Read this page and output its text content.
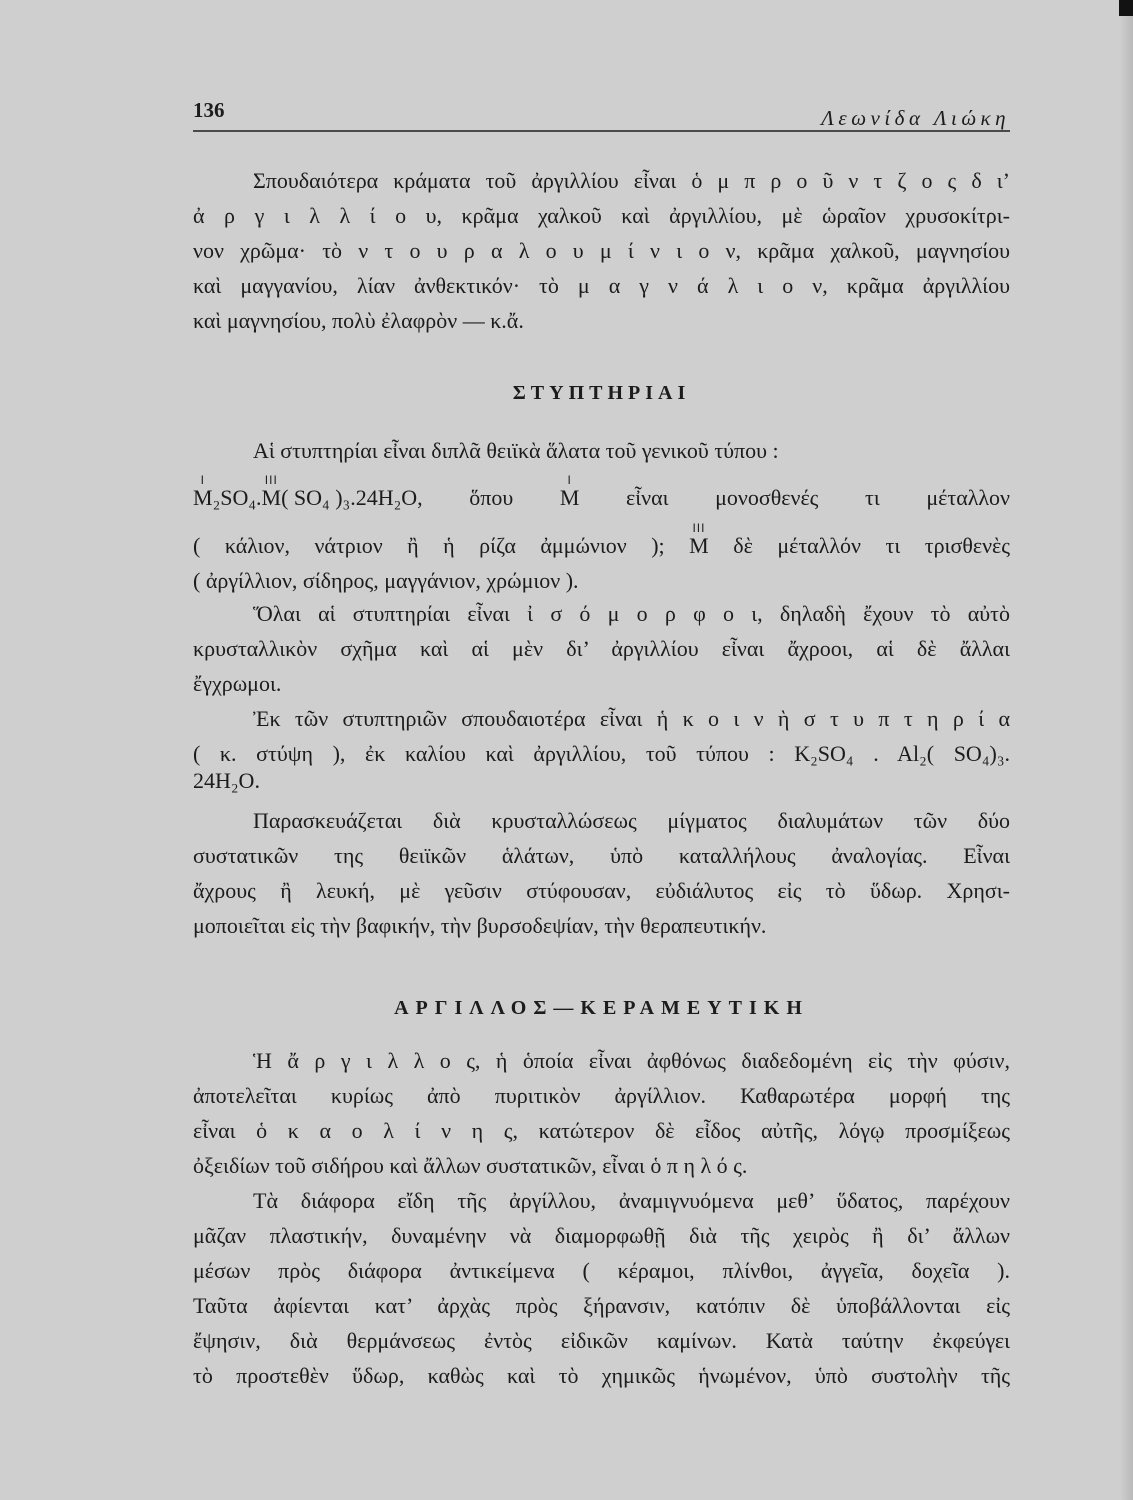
136	Λεωνίδα Λιώκη
Σπουδαιότερα κράματα τοῦ ἀργιλλίου εἶναι ὁ μ π ρ ο ῦ ν τ ζ ο ς δ ι’
ἀ ρ γ ι λ λ ί ο υ, κρᾶμα χαλκοῦ καὶ ἀργιλλίου, μὲ ὡραῖον χρυσοκίτρι-
νον χρῶμα· τὸ ν τ ο υ ρ α λ ο υ μ ί ν ι ο ν, κρᾶμα χαλκοῦ, μαγνησίου
καὶ μαγγανίου, λίαν ἀνθεκτικόν· τὸ μ α γ ν ά λ ι ο ν, κρᾶμα ἀργιλλίου
καὶ μαγνησίου, πολὺ ἐλαφρὸν — κ.ἄ.
ΣΤΥΠΤΗΡΙΑΙ
Αἱ στυπτηρίαι εἶναι διπλᾶ θειϊκὰ ἅλατα τοῦ γενικοῦ τύπου :
I
M₂SO₄.
III
M( SO₄ )₃.24H₂O, ὅπου
I
M εἶναι μονοσθενές τι μέταλλον
( κάλιον, νάτριον ἢ ἡ ρίζα ἀμμώνιον );
III
M δὲ μέταλλόν τι τρισθενὲς
( ἀργίλλιον, σίδηρος, μαγγάνιον, χρώμιον ).
Ὅλαι αἱ στυπτηρίαι εἶναι ἰ σ ό μ ο ρ φ ο ι, δηλαδὴ ἔχουν τὸ αὐτὸ
κρυσταλλικὸν σχῆμα καὶ αἱ μὲν δι’ ἀργιλλίου εἶναι ἄχροοι, αἱ δὲ ἄλλαι
ἔγχρωμοι.
Ἐκ τῶν στυπτηριῶν σπουδαιοτέρα εἶναι ἡ κ ο ι ν ὴ σ τ υ π τ η ρ ί α
( κ. στύψη ), ἐκ καλίου καὶ ἀργιλλίου, τοῦ τύπου : K₂SO₄ . Al₂( SO₄)₃.
24H₂O.
Παρασκευάζεται διὰ κρυσταλλώσεως μίγματος διαλυμάτων τῶν δύο
συστατικῶν της θειϊκῶν ἁλάτων, ὑπὸ καταλλήλους ἀναλογίας. Εἶναι
ἄχρους ἢ λευκή, μὲ γεῦσιν στύφουσαν, εὐδιάλυτος εἰς τὸ ὕδωρ. Χρησι-
μοποιεῖται εἰς τὴν βαφικήν, τὴν βυρσοδεψίαν, τὴν θεραπευτικήν.
ΑΡΓΙΛΛΟΣ—ΚΕΡΑΜΕΥΤΙΚΗ
Ἡ ἄ ρ γ ι λ λ ο ς, ἡ ὁποία εἶναι ἀφθόνως διαδεδομένη εἰς τὴν φύσιν,
ἀποτελεῖται κυρίως ἀπὸ πυριτικὸν ἀργίλλιον. Καθαρωτέρα μορφή της
εἶναι ὁ κ α ο λ ί ν η ς, κατώτερον δὲ εἶδος αὐτῆς, λόγῳ προσμίξεως
ὀξειδίων τοῦ σιδήρου καὶ ἄλλων συστατικῶν, εἶναι ὁ π η λ ό ς.
Τὰ διάφορα εἴδη τῆς ἀργίλλου, ἀναμιγνυόμενα μεθ’ ὕδατος, παρέχουν
μᾶζαν πλαστικήν, δυναμένην νὰ διαμορφωθῇ διὰ τῆς χειρὸς ἢ δι’ ἄλλων
μέσων πρὸς διάφορα ἀντικείμενα ( κέραμοι, πλίνθοι, ἀγγεῖα, δοχεῖα ).
Ταῦτα ἀφίενται κατ’ ἀρχὰς πρὸς ξήρανσιν, κατόπιν δὲ ὑποβάλλονται εἰς
ἔψησιν, διὰ θερμάνσεως ἐντὸς εἰδικῶν καμίνων. Κατὰ ταύτην ἐκφεύγει
τὸ προστεθὲν ὕδωρ, καθὼς καὶ τὸ χημικῶς ἡνωμένον, ὑπὸ συστολὴν τῆς
